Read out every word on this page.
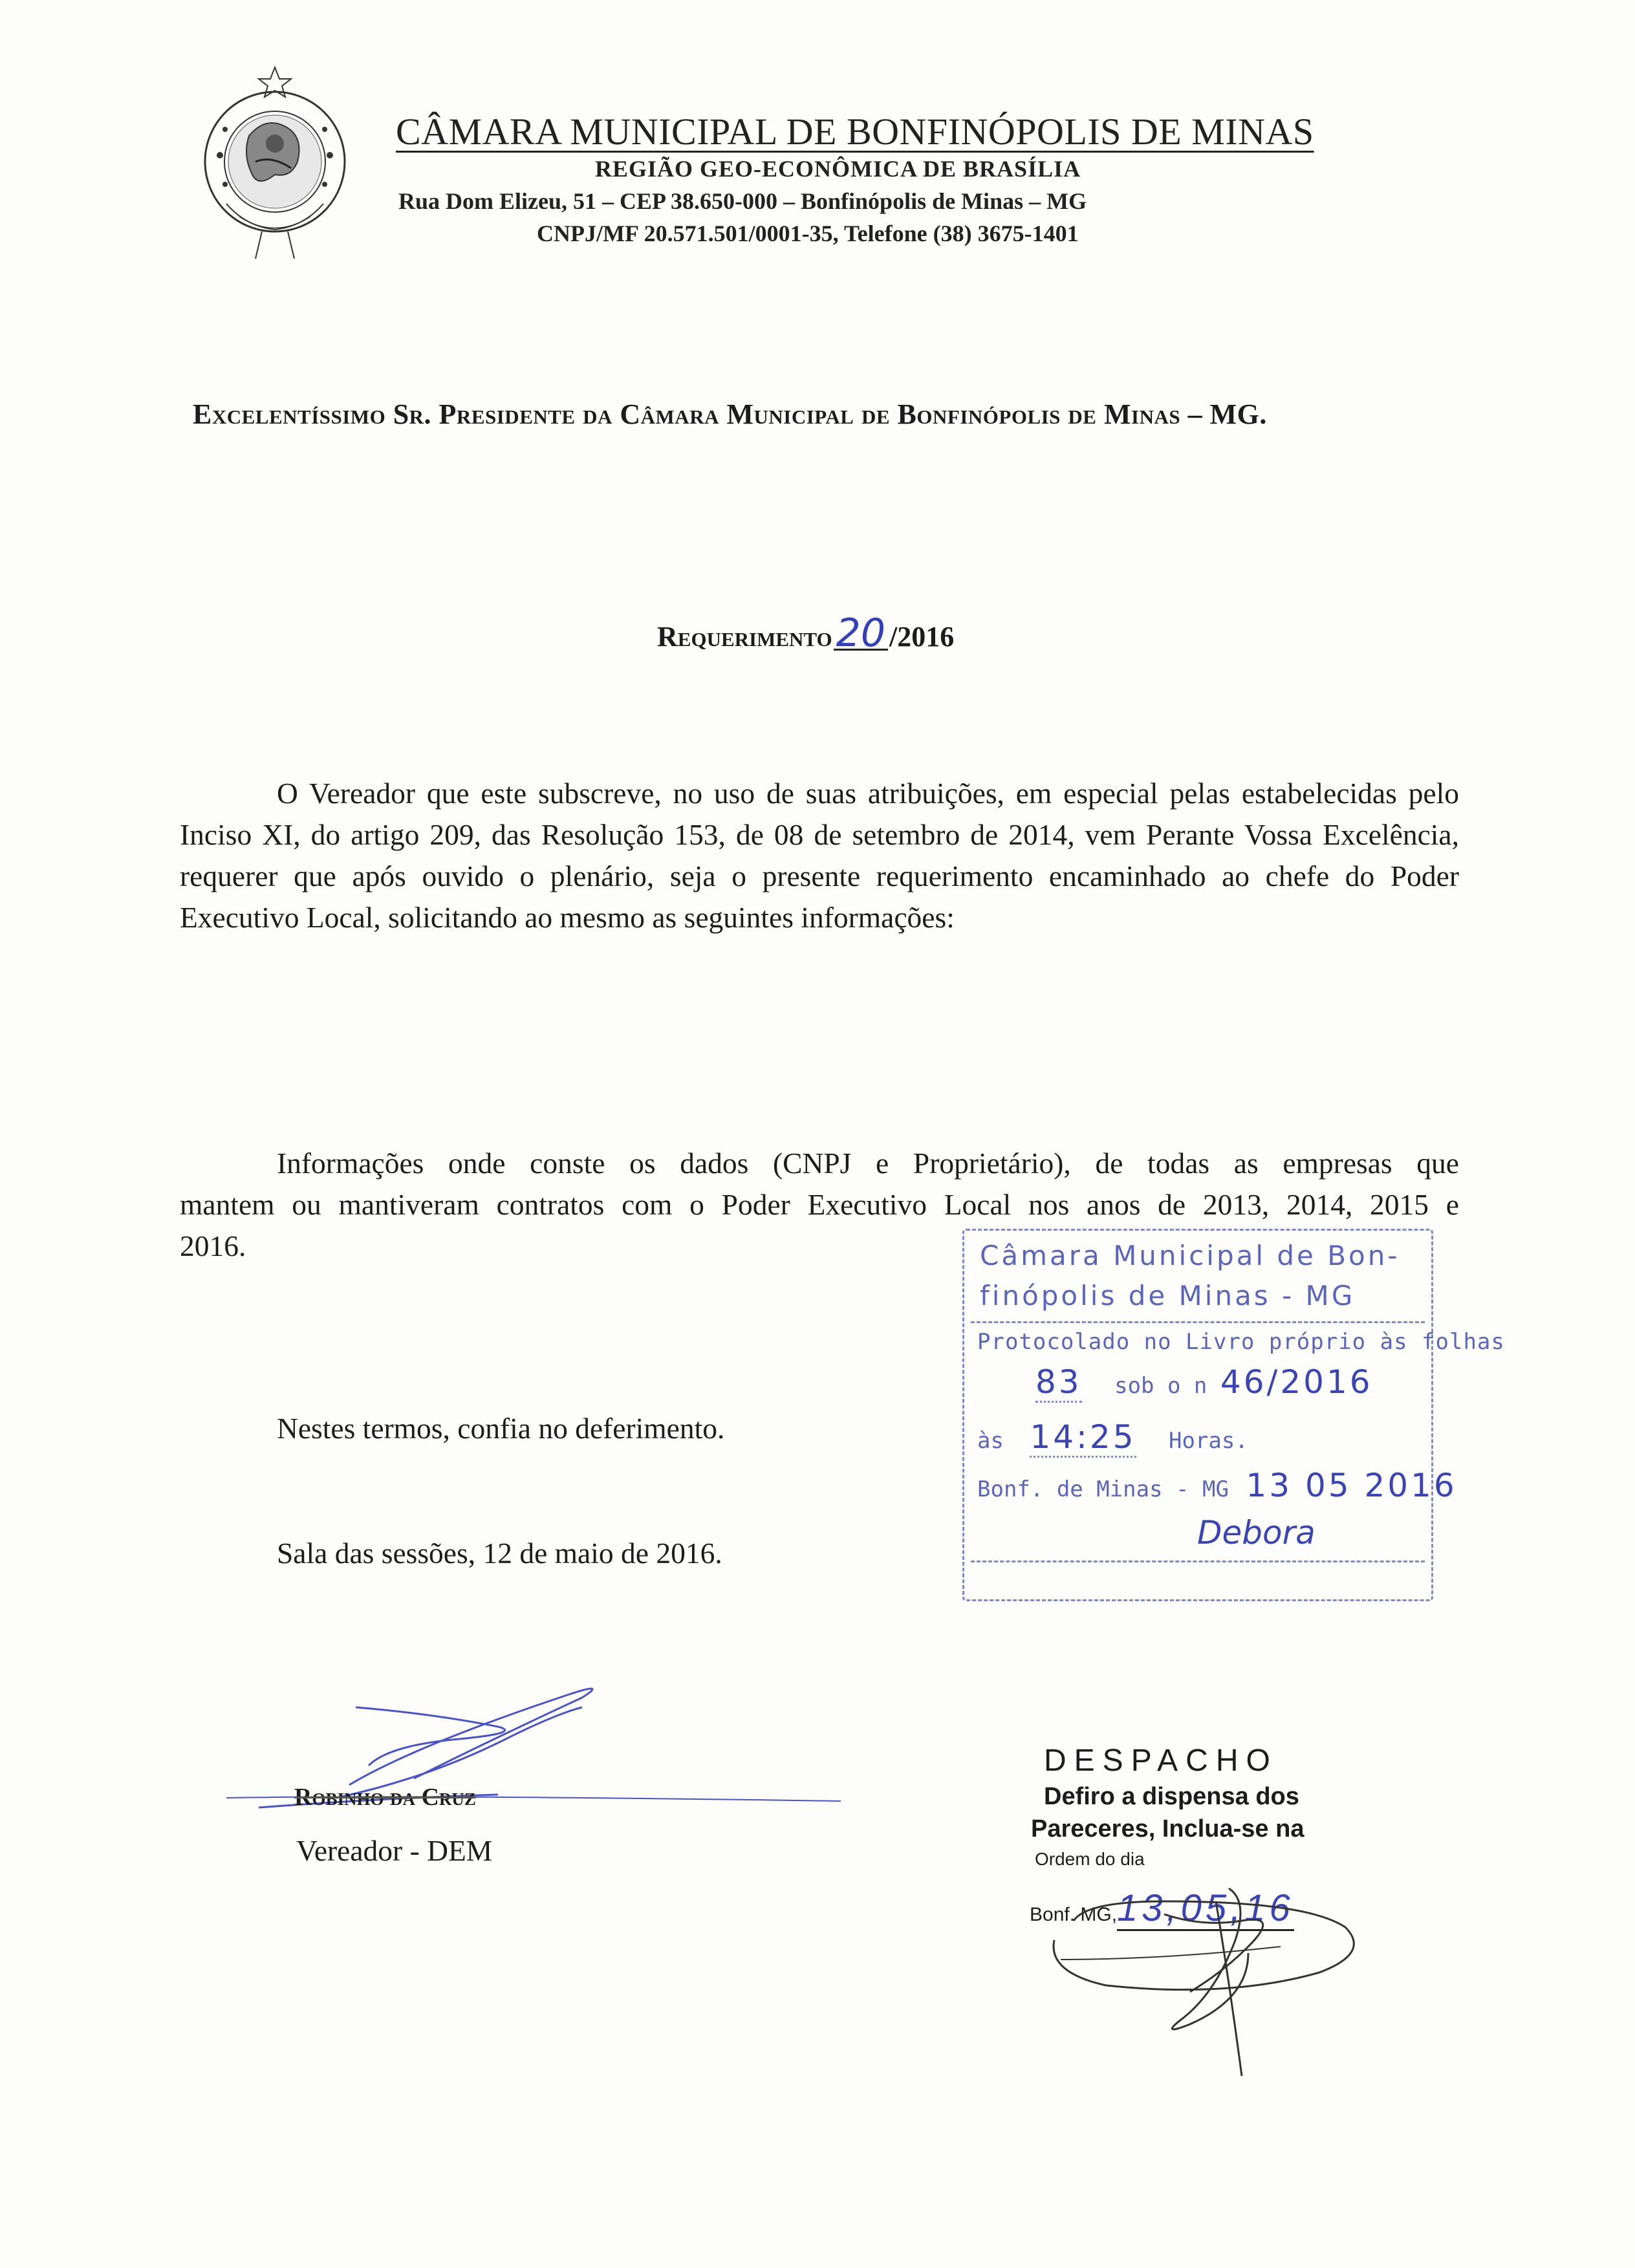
CÂMARA MUNICIPAL DE BONFINÓPOLIS DE MINAS
REGIÃO GEO-ECONÔMICA DE BRASÍLIA
Rua Dom Elizeu, 51 – CEP 38.650-000 – Bonfinópolis de Minas – MG
CNPJ/MF 20.571.501/0001-35, Telefone (38) 3675-1401
Excelentíssimo Sr. Presidente da Câmara Municipal de Bonfinópolis de Minas – MG.
Requerimento 20 /2016
O Vereador que este subscreve, no uso de suas atribuições, em especial pelas estabelecidas pelo Inciso XI, do artigo 209, das Resolução 153, de 08 de setembro de 2014, vem Perante Vossa Excelência, requerer que após ouvido o plenário, seja o presente requerimento encaminhado ao chefe do Poder Executivo Local, solicitando ao mesmo as seguintes informações:
Informações onde conste os dados (CNPJ e Proprietário), de todas as empresas que
mantem ou mantiveram contratos com o Poder Executivo Local nos anos de 2013, 2014, 2015 e
2016.
Nestes termos, confia no deferimento.
Sala das sessões, 12 de maio de 2016.
Câmara Municipal de Bon-
finópolis de Minas - MG
Protocolado no Livro próprio às folhas
83 sob o n 46/2016
às 14:25 Horas.
Bonf. de Minas - MG 13 05 2016
Debora
Robinho da Cruz
Vereador - DEM
DESPACHO
Defiro a dispensa dos
Pareceres, Inclua-se na
Ordem do dia
Bonf. MG,13,05,16
